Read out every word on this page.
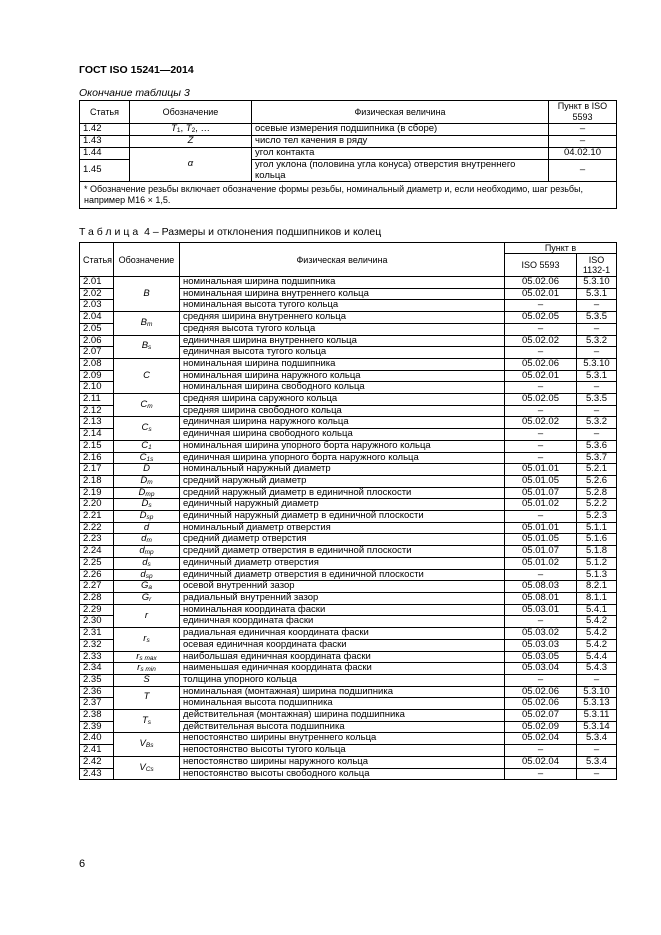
ГОСТ ISO 15241—2014
Окончание таблицы 3
Статья	Обозначение	Физическая величина	Пункт в ISO 5593
1.42	$T_1$, $T_2$, …	осевые измерения подшипника (в сборе)	–
1.43	Z	число тел качения в ряду	–
1.44	α	угол контакта	04.02.10
1.45		угол уклона (половина угла конуса) отверстия внутреннего кольца	–
* Обозначение резьбы включает обозначение формы резьбы, номинальный диаметр и, если необходимо, шаг резьбы, например М16 × 1,5.			
Таблица 4 – Размеры и отклонения подшипников и колец
Статья	Обозначение	Физическая величина	Пункт в	
			ISO 5593	ISO 1132-1
2.01	B	номинальная ширина подшипника	05.02.06	5.3.10
2.02		номинальная ширина внутреннего кольца	05.02.01	5.3.1
2.03		номинальная высота тугого кольца	–	–
2.04	$B_m$	средняя ширина внутреннего кольца	05.02.05	5.3.5
2.05		средняя высота тугого кольца	–	–
2.06	$B_s$	единичная ширина внутреннего кольца	05.02.02	5.3.2
2.07		единичная высота тугого кольца	–	–
2.08	C	номинальная ширина подшипника	05.02.06	5.3.10
2.09		номинальная ширина наружного кольца	05.02.01	5.3.1
2.10		номинальная ширина свободного кольца	–	–
2.11	$C_m$	средняя ширина саружного кольца	05.02.05	5.3.5
2.12		средняя ширина свободного кольца	–	–
2.13	$C_s$	единичная ширина наружного кольца	05.02.02	5.3.2
2.14		единичная ширина свободного кольца	–	–
2.15	$C_1$	номинальная ширина упорного борта наружного кольца	–	5.3.6
2.16	$C_{1s}$	единичная ширина упорного борта наружного кольца	–	5.3.7
2.17	D	номинальный наружный диаметр	05.01.01	5.2.1
2.18	$D_m$	средний наружный диаметр	05.01.05	5.2.6
2.19	$D_{mp}$	средний наружный диаметр в единичной плоскости	05.01.07	5.2.8
2.20	$D_s$	единичный наружный диаметр	05.01.02	5.2.2
2.21	$D_{sp}$	единичный наружный диаметр в единичной плоскости	–	5.2.3
2.22	d	номинальный диаметр отверстия	05.01.01	5.1.1
2.23	$d_m$	средний диаметр отверстия	05.01.05	5.1.6
2.24	$d_{mp}$	средний диаметр отверстия в единичной плоскости	05.01.07	5.1.8
2.25	$d_s$	единичный диаметр отверстия	05.01.02	5.1.2
2.26	$d_{sp}$	единичный диаметр отверстия в единичной плоскости	–	5.1.3
2.27	$G_a$	осевой внутренний зазор	05.08.03	8.2.1
2.28	$G_r$	радиальный внутренний зазор	05.08.01	8.1.1
2.29	r	номинальная координата фаски	05.03.01	5.4.1
2.30		единичная координата фаски	–	5.4.2
2.31	$r_s$	радиальная единичная координата фаски	05.03.02	5.4.2
2.32		осевая единичная координата фаски	05.03.03	5.4.2
2.33	$r_{s max}$	наибольшая единичная координата фаски	05.03.05	5.4.4
2.34	$r_{s min}$	наименьшая единичная координата фаски	05.03.04	5.4.3
2.35	S	толщина упорного кольца	–	–
2.36	T	номинальная (монтажная) ширина подшипника	05.02.06	5.3.10
2.37		номинальная высота подшипника	05.02.06	5.3.13
2.38	$T_s$	действительная (монтажная) ширина подшипника	05.02.07	5.3.11
2.39		действительная высота подшипника	05.02.09	5.3.14
2.40	$V_{Bs}$	непостоянство ширины внутреннего кольца	05.02.04	5.3.4
2.41		непостоянство высоты тугого кольца	–	–
2.42	$V_{Cs}$	непостоянство ширины наружного кольца	05.02.04	5.3.4
2.43		непостоянство высоты свободного кольца	–	–
6
